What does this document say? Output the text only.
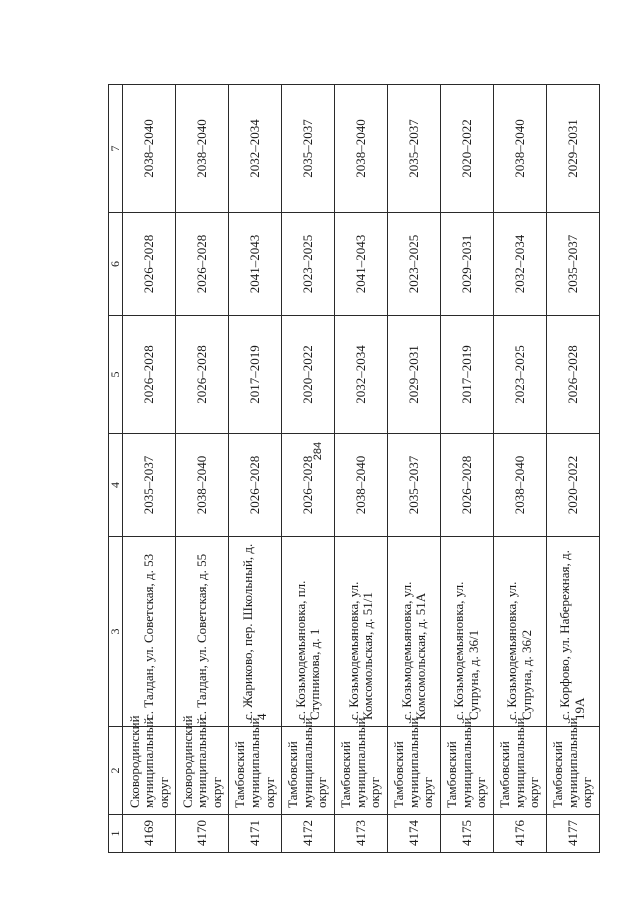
284
1	2	3	4	5	6	7
4169	Сковородинский муниципальный округ	с. Талдан, ул. Советская, д. 53	2035–2037	2026–2028	2026–2028	2038–2040
4170	Сковородинский муниципальный округ	с. Талдан, ул. Советская, д. 55	2038–2040	2026–2028	2026–2028	2038–2040
4171	Тамбовский муниципальный округ	с. Жариково, пер. Школьный, д. 4	2026–2028	2017–2019	2041–2043	2032–2034
4172	Тамбовский муниципальный округ	с. Козьмодемьяновка, пл. Ступникова, д. 1	2026–2028	2020–2022	2023–2025	2035–2037
4173	Тамбовский муниципальный округ	с. Козьмодемьяновка, ул. Комсомольская, д. 51/1	2038–2040	2032–2034	2041–2043	2038–2040
4174	Тамбовский муниципальный округ	с. Козьмодемьяновка, ул. Комсомольская, д. 51А	2035–2037	2029–2031	2023–2025	2035–2037
4175	Тамбовский муниципальный округ	с. Козьмодемьяновка, ул. Супруна, д. 36/1	2026–2028	2017–2019	2029–2031	2020–2022
4176	Тамбовский муниципальный округ	с. Козьмодемьяновка, ул. Супруна, д. 36/2	2038–2040	2023–2025	2032–2034	2038–2040
4177	Тамбовский муниципальный округ	с. Корфово, ул. Набережная, д. 19А	2020–2022	2026–2028	2035–2037	2029–2031
